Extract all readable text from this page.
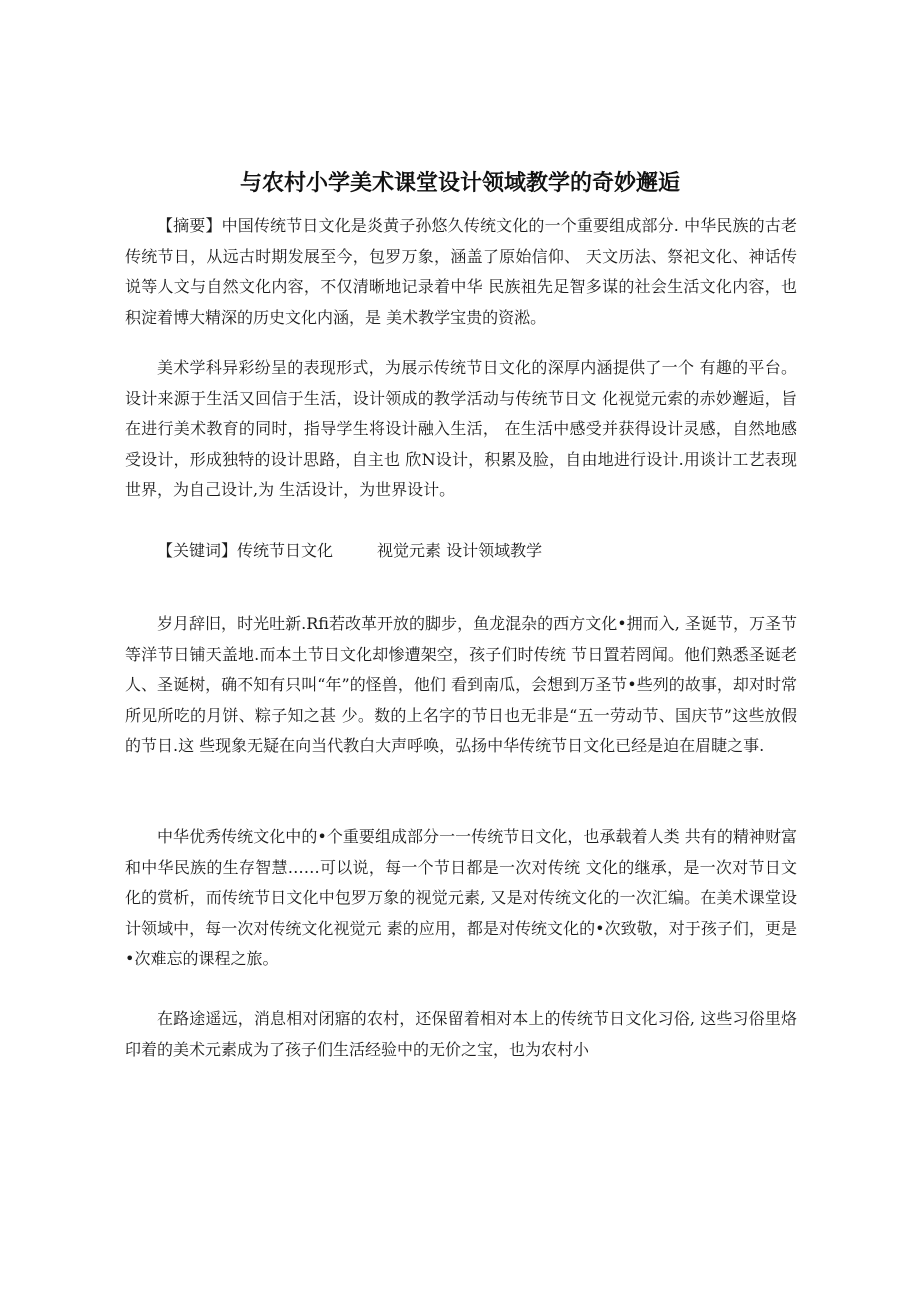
与农村小学美术课堂设计领域教学的奇妙邂逅
【摘要】中国传统节日文化是炎黄子孙悠久传统文化的一个重要组成部分. 中华民族的古老传统节日，从远古时期发展至今，包罗万象，涵盖了原始信仰、 天文历法、祭祀文化、神话传说等人文与自然文化内容，不仅清晰地记录着中华 民族祖先足智多谋的社会生活文化内容，也积淀着博大精深的历史文化内涵，是 美术教学宝贵的资淞。
美术学科异彩纷呈的表现形式，为展示传统节日文化的深厚内涵提供了一个 有趣的平台。设计来源于生活又回信于生活，设计领成的教学活动与传统节日文 化视觉元索的赤妙邂逅，旨在进行美术教育的同时，指导学生将设计融入生活， 在生活中感受并获得设计灵感，自然地感受设计，形成独特的设计思路，自主也 欣N设计，积累及脸，自由地进行设计.用谈计工艺表现世界，为自己设计,为 生活设计，为世界设计。
【关键词】传统节日文化	视觉元素 设计领域教学
岁月辞旧，时光吐新.Rfi若改革开放的脚步，鱼龙混杂的西方文化•拥而入, 圣诞节，万圣节等洋节日铺天盖地.而本土节日文化却惨遭架空，孩子们时传统 节日置若罔闻。他们熟悉圣诞老人、圣诞树，确不知有只叫“年”的怪兽，他们 看到南瓜，会想到万圣节•些列的故事，却对时常所见所吃的月饼、粽子知之甚 少。数的上名字的节日也无非是“五一劳动节、国庆节”这些放假的节日.这 些现象无疑在向当代教白大声呼唤，弘扬中华传统节日文化已经是迫在眉睫之事.
中华优秀传统文化中的•个重要组成部分一一传统节日文化，也承载着人类 共有的精神财富和中华民族的生存智慧……可以说，每一个节日都是一次对传统 文化的继承，是一次对节日文化的赏析，而传统节日文化中包罗万象的视觉元素, 又是对传统文化的一次汇编。在美术课堂设计领域中，每一次对传统文化视觉元 素的应用，都是对传统文化的•次致敬，对于孩子们，更是•次难忘的课程之旅。
在路途遥远，消息相对闭寤的农村，还保留着相对本上的传统节日文化习俗, 这些习俗里烙印着的美术元素成为了孩子们生活经验中的无价之宝，也为农村小
